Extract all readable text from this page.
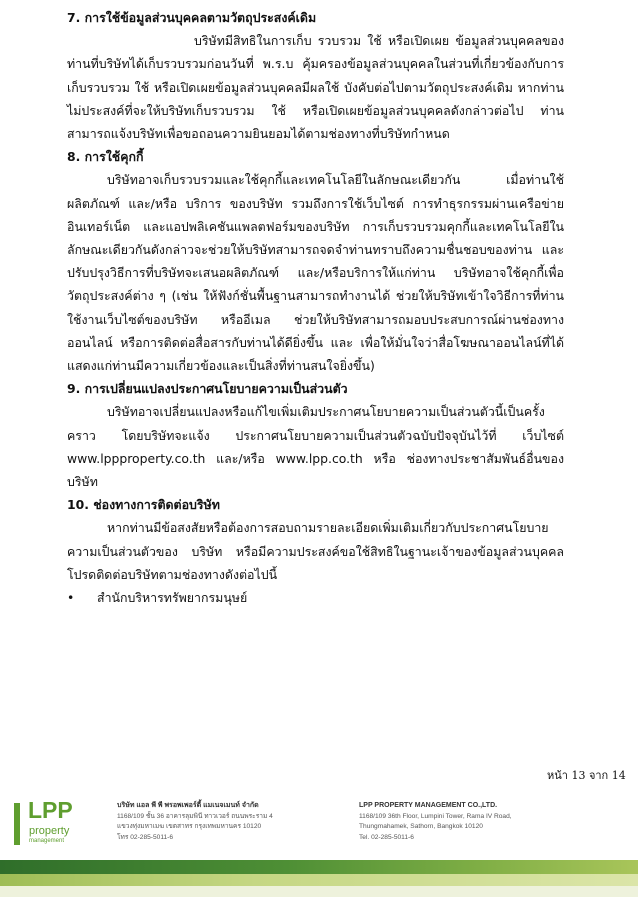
7. การใช้ข้อมูลส่วนบุคคลตามวัตถุประสงค์เดิม

บริษัทมีสิทธิในการเก็บ รวบรวม ใช้ หรือเปิดเผย ข้อมูลส่วนบุคคลของท่านที่บริษัทได้เก็บรวบรวมก่อนวันที่ พ.ร.บ คุ้มครองข้อมูลส่วนบุคคลในส่วนที่เกี่ยวข้องกับการเก็บรวบรวม ใช้ หรือเปิดเผยข้อมูลส่วนบุคคลมีผลใช้ บังคับต่อไปตามวัตถุประสงค์เดิม หากท่านไม่ประสงค์ที่จะให้บริษัทเก็บรวบรวม ใช้ หรือเปิดเผยข้อมูลส่วนบุคคลดังกล่าวต่อไป ท่านสามารถแจ้งบริษัทเพื่อขอถอนความยินยอมได้ตามช่องทางที่บริษัทกำหนด

8. การใช้คุกกี้

บริษัทอาจเก็บรวบรวมและใช้คุกกี้และเทคโนโลยีในลักษณะเดียวกัน เมื่อท่านใช้ผลิตภัณฑ์ และ/หรือ บริการ ของบริษัท รวมถึงการใช้เว็บไซต์ การทำธุรกรรมผ่านเครือข่ายอินเทอร์เน็ต และแอปพลิเคชันแพลตฟอร์มของบริษัท การเก็บรวบรวมคุกกี้และเทคโนโลยีในลักษณะเดียวกันดังกล่าวจะช่วยให้บริษัทสามารถจดจำท่านทราบถึงความชื่นชอบของท่าน และปรับปรุงวิธีการที่บริษัทจะเสนอผลิตภัณฑ์ และ/หรือบริการให้แก่ท่าน บริษัทอาจใช้คุกกี้เพื่อวัตถุประสงค์ต่าง ๆ (เช่น ให้ฟังก์ชั่นพื้นฐานสามารถทำงานได้ ช่วยให้บริษัทเข้าใจวิธีการที่ท่านใช้งานเว็บไซต์ของบริษัท หรืออีเมล ช่วยให้บริษัทสามารถมอบประสบการณ์ผ่านช่องทางออนไลน์ หรือการติดต่อสื่อสารกับท่านได้ดียิ่งขึ้น และ เพื่อให้มั่นใจว่าสื่อโฆษณาออนไลน์ที่ได้แสดงแก่ท่านมีความเกี่ยวข้องและเป็นสิ่งที่ท่านสนใจยิ่งขึ้น)

9. การเปลี่ยนแปลงประกาศนโยบายความเป็นส่วนตัว

บริษัทอาจเปลี่ยนแปลงหรือแก้ไขเพิ่มเติมประกาศนโยบายความเป็นส่วนตัวนี้เป็นครั้งคราว โดยบริษัทจะแจ้ง ประกาศนโยบายความเป็นส่วนตัวฉบับปัจจุบันไว้ที่ เว็บไซต์ www.lppproperty.co.th และ/หรือ www.lpp.co.th หรือ ช่องทางประชาสัมพันธ์อื่นของบริษัท

10. ช่องทางการติดต่อบริษัท

หากท่านมีข้อสงสัยหรือต้องการสอบถามรายละเอียดเพิ่มเติมเกี่ยวกับประกาศนโยบายความเป็นส่วนตัวของ บริษัท หรือมีความประสงค์ขอใช้สิทธิในฐานะเจ้าของข้อมูลส่วนบุคคลโปรดติดต่อบริษัทตามช่องทางดังต่อไปนี้

•	สำนักบริหารทรัพยากรมนุษย์
หน้า 13 จาก 14
LPP
property
management
บริษัท แอล พี พี พรอพเพอร์ตี้ แมเนจเมนท์ จำกัด
1168/109 ชั้น 36 อาคารลุมพินี ทาวเวอร์ ถนนพระราม 4
แขวงทุ่งมหาเมฆ เขตสาทร กรุงเทพมหานคร 10120
โทร 02-285-5011-6
LPP PROPERTY MANAGEMENT CO.,LTD.
1168/109 36th Floor, Lumpini Tower, Rama IV Road,
Thungmahamek, Sathorn, Bangkok 10120
Tel. 02-285-5011-6
